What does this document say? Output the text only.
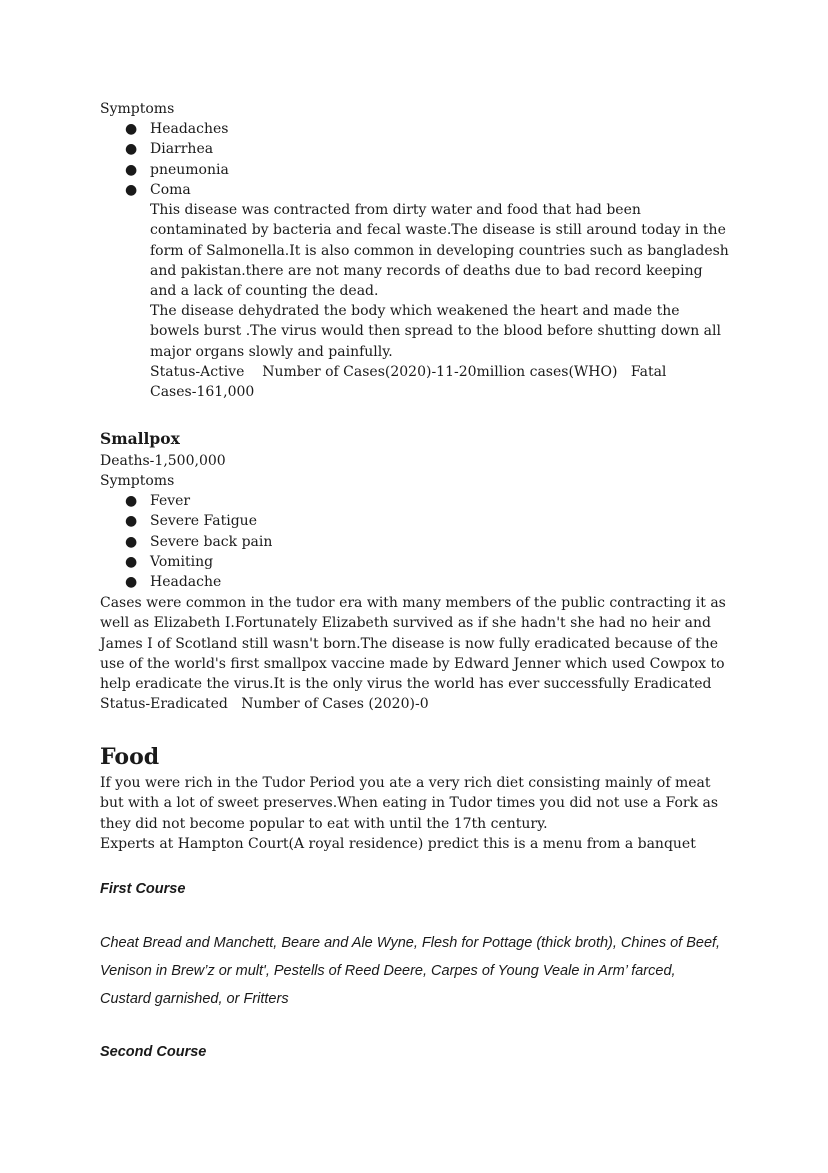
Symptoms
● Headaches
● Diarrhea
● pneumonia
● Coma

This disease was contracted from dirty water and food that had been contaminated by bacteria and fecal waste.The disease is still around today in the form of Salmonella.It is also common in developing countries such as bangladesh and pakistan.there are not many records of deaths due to bad record keeping and a lack of counting the dead.

The disease dehydrated the body which weakened the heart and made the bowels burst .The virus would then spread to the blood before shutting down all major organs slowly and painfully.

Status-Active Number of Cases(2020)-11-20million cases(WHO) Fatal Cases-161,000

Smallpox
Deaths-1,500,000
Symptoms
● Fever
● Severe Fatigue
● Severe back pain
● Vomiting
● Headache

Cases were common in the tudor era with many members of the public contracting it as well as Elizabeth I.Fortunately Elizabeth survived as if she hadn't she had no heir and James I of Scotland still wasn't born.The disease is now fully eradicated because of the use of the world's first smallpox vaccine made by Edward Jenner which used Cowpox to help eradicate the virus.It is the only virus the world has ever successfully Eradicated

Status-Eradicated Number of Cases (2020)-0

Food

If you were rich in the Tudor Period you ate a very rich diet consisting mainly of meat but with a lot of sweet preserves.When eating in Tudor times you did not use a Fork as they did not become popular to eat with until the 17th century.

Experts at Hampton Court(A royal residence) predict this is a menu from a banquet

First Course

Cheat Bread and Manchett, Beare and Ale Wyne, Flesh for Pottage (thick broth), Chines of Beef, Venison in Brew’z or mult', Pestells of Reed Deere, Carpes of Young Veale in Arm’ farced, Custard garnished, or Fritters

Second Course
